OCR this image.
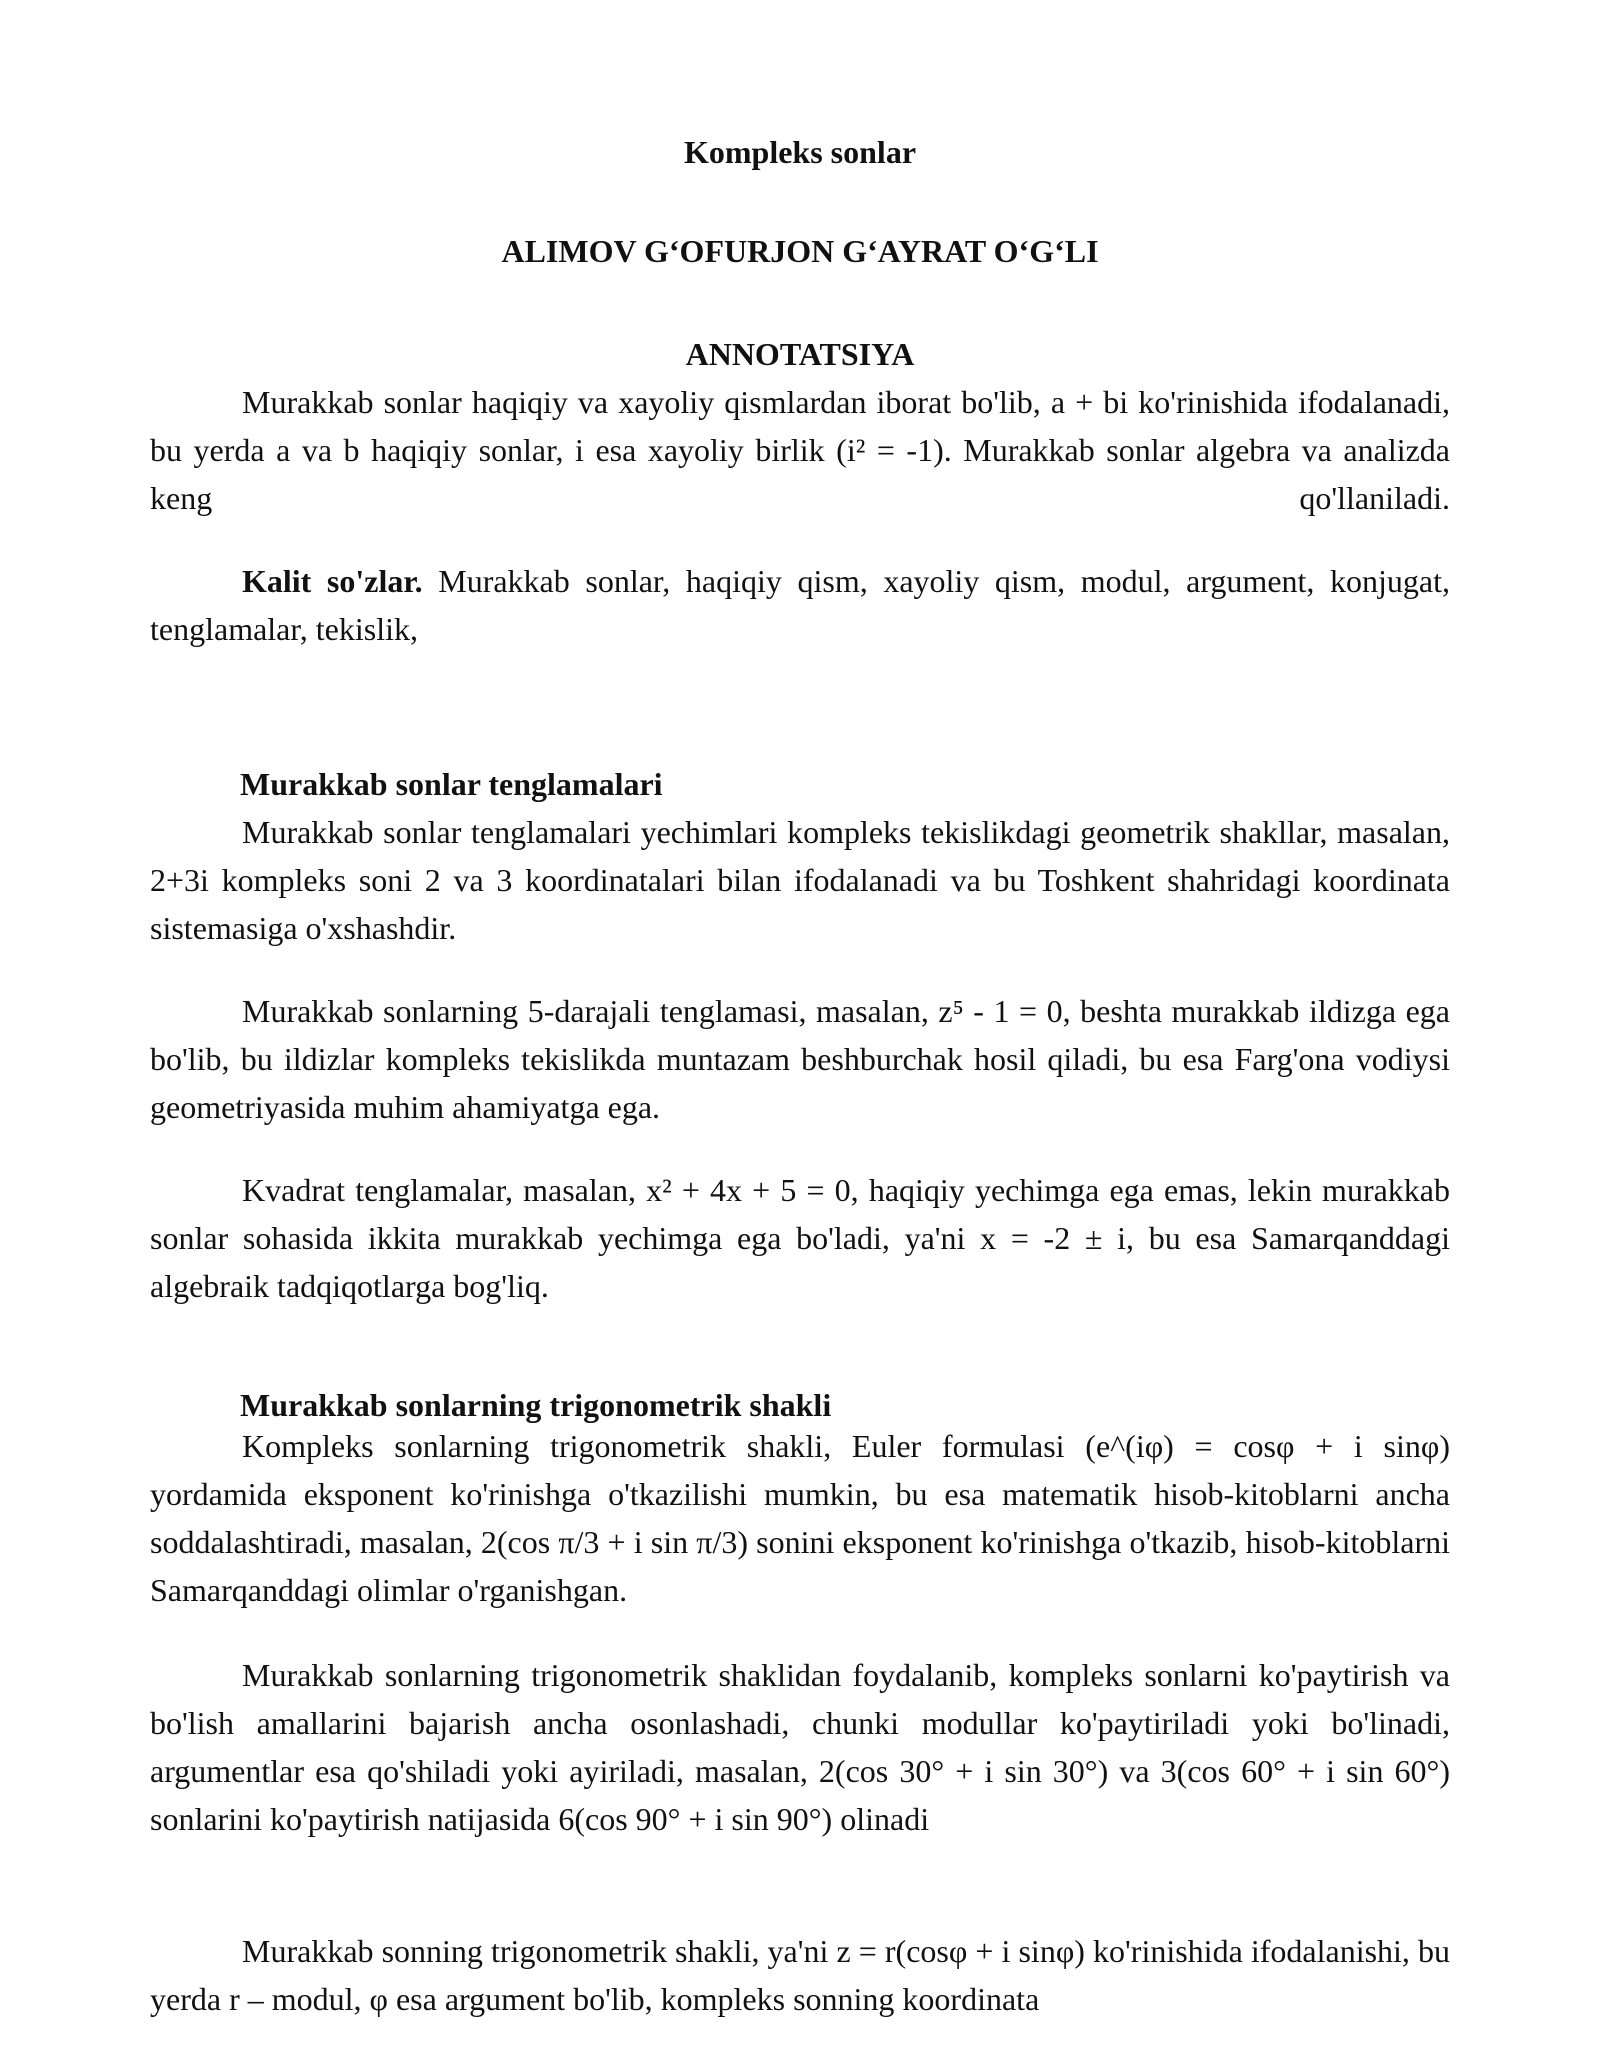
Kompleks sonlar
ALIMOV G‘OFURJON G‘AYRAT O‘G‘LI
ANNOTATSIYA

Murakkab sonlar haqiqiy va xayoliy qismlardan iborat bo'lib, a + bi ko'rinishida ifodalanadi, bu yerda a va b haqiqiy sonlar, i esa xayoliy birlik (i² = -1). Murakkab sonlar algebra va analizda keng qo'llaniladi.

Kalit so'zlar. Murakkab sonlar, haqiqiy qism, xayoliy qism, modul, argument, konjugat, tenglamalar, tekislik,

Murakkab sonlar tenglamalari

Murakkab sonlar tenglamalari yechimlari kompleks tekislikdagi geometrik shakllar, masalan, 2+3i kompleks soni 2 va 3 koordinatalari bilan ifodalanadi va bu Toshkent shahridagi koordinata sistemasiga o'xshashdir.

Murakkab sonlarning 5-darajali tenglamasi, masalan, z⁵ - 1 = 0, beshta murakkab ildizga ega bo'lib, bu ildizlar kompleks tekislikda muntazam beshburchak hosil qiladi, bu esa Farg'ona vodiysi geometriyasida muhim ahamiyatga ega.

Kvadrat tenglamalar, masalan, x² + 4x + 5 = 0, haqiqiy yechimga ega emas, lekin murakkab sonlar sohasida ikkita murakkab yechimga ega bo'ladi, ya'ni x = -2 ± i, bu esa Samarqanddagi algebraik tadqiqotlarga bog'liq.

Murakkab sonlarning trigonometrik shakli

Kompleks sonlarning trigonometrik shakli, Euler formulasi (e^(iφ) = cosφ + i sinφ) yordamida eksponent ko'rinishga o'tkazilishi mumkin, bu esa matematik hisob-kitoblarni ancha soddalashtiradi, masalan, 2(cos π/3 + i sin π/3) sonini eksponent ko'rinishga o'tkazib, hisob-kitoblarni Samarqanddagi olimlar o'rganishgan.

Murakkab sonlarning trigonometrik shaklidan foydalanib, kompleks sonlarni ko'paytirish va bo'lish amallarini bajarish ancha osonlashadi, chunki modullar ko'paytiriladi yoki bo'linadi, argumentlar esa qo'shiladi yoki ayiriladi, masalan, 2(cos 30° + i sin 30°) va 3(cos 60° + i sin 60°) sonlarini ko'paytirish natijasida 6(cos 90° + i sin 90°) olinadi

Murakkab sonning trigonometrik shakli, ya'ni z = r(cosφ + i sinφ) ko'rinishida ifodalanishi, bu yerda r – modul, φ esa argument bo'lib, kompleks sonning koordinata
